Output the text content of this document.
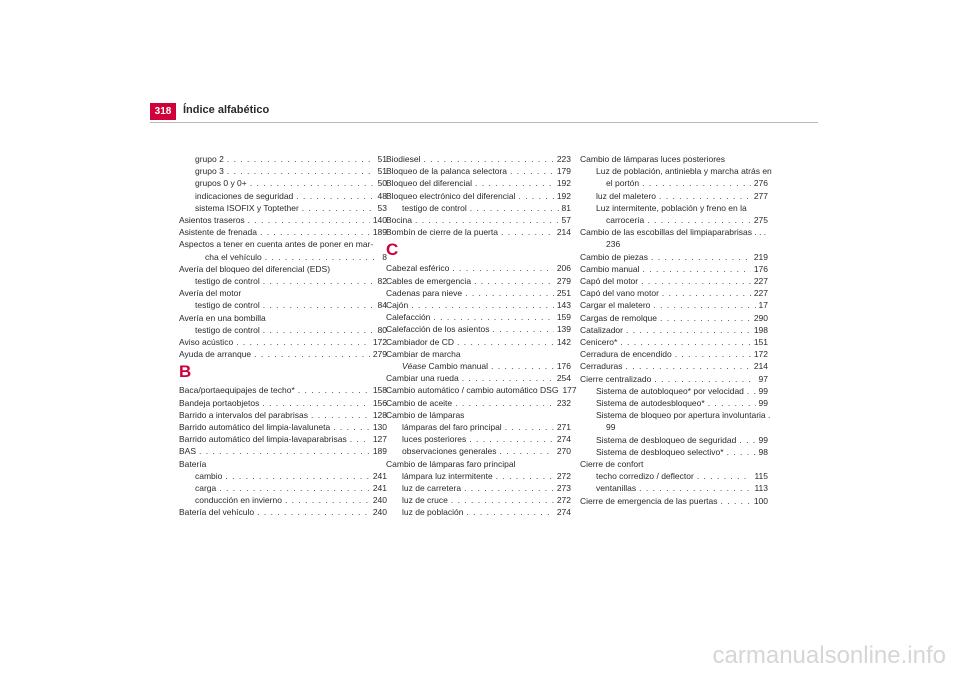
318	Índice alfabético
grupo 2 . . .	51
grupo 3 . . .	51
grupos 0 y 0+ . . .	50
indicaciones de seguridad . . .	48
sistema ISOFIX y Toptether . . .	53
Asientos traseros . . .	140
Asistente de frenada . . .	189
Aspectos a tener en cuenta antes de poner en mar-
cha el vehículo . . .	8
Avería del bloqueo del diferencial (EDS)
testigo de control . . .	82
Avería del motor
testigo de control . . .	84
Avería en una bombilla
testigo de control . . .	80
Aviso acústico . . .	172
Ayuda de arranque . . .	279
B
Baca/portaequipajes de techo* . . .	158
Bandeja portaobjetos . . .	156
Barrido a intervalos del parabrisas . . .	128
Barrido automático del limpia-lavaluneta . . .	130
Barrido automático del limpia-lavaparabrisas . . .	127
BAS . . .	189
Batería
cambio . . .	241
carga . . .	241
conducción en invierno . . .	240
Batería del vehículo . . .	240
Biodiesel . . .	223
Bloqueo de la palanca selectora . . .	179
Bloqueo del diferencial . . .	192
Bloqueo electrónico del diferencial . . .	192
testigo de control . . .	81
Bocina . . .	57
Bombín de cierre de la puerta . . .	214
C
Cabezal esférico . . .	206
Cables de emergencia . . .	279
Cadenas para nieve . . .	251
Cajón . . .	143
Calefacción . . .	159
Calefacción de los asientos . . .	139
Cambiador de CD . . .	142
Cambiar de marcha
Véase Cambio manual . . .	176
Cambiar una rueda . . .	254
Cambio automático / cambio automático DSG 177
Cambio de aceite . . .	232
Cambio de lámparas
lámparas del faro principal . . .	271
luces posteriores . . .	274
observaciones generales . . .	270
Cambio de lámparas faro principal
lámpara luz intermitente . . .	272
luz de carretera . . .	273
luz de cruce . . .	272
luz de población . . .	274
Cambio de lámparas luces posteriores
Luz de población, antiniebla y marcha atrás en
el portón . . .	276
luz del maletero . . .	277
Luz intermitente, población y freno en la
carrocería . . .	275
Cambio de las escobillas del limpiaparabrisas . . .
236
Cambio de piezas . . .	219
Cambio manual . . .	176
Capó del motor . . .	227
Capó del vano motor . . .	227
Cargar el maletero . . .	17
Cargas de remolque . . .	290
Catalizador . . .	198
Cenicero* . . .	151
Cerradura de encendido . . .	172
Cerraduras . . .	214
Cierre centralizado . . .	97
Sistema de autobloqueo* por velocidad . . . 99
Sistema de autodesbloqueo* . . .	99
Sistema de bloqueo por apertura involuntaria .
99
Sistema de desbloqueo de seguridad . . .	99
Sistema de desbloqueo selectivo* . . .	98
Cierre de confort
techo corredizo / deflector . . .	115
ventanillas . . .	113
Cierre de emergencia de las puertas . . .	100
carmanualsonline.info
